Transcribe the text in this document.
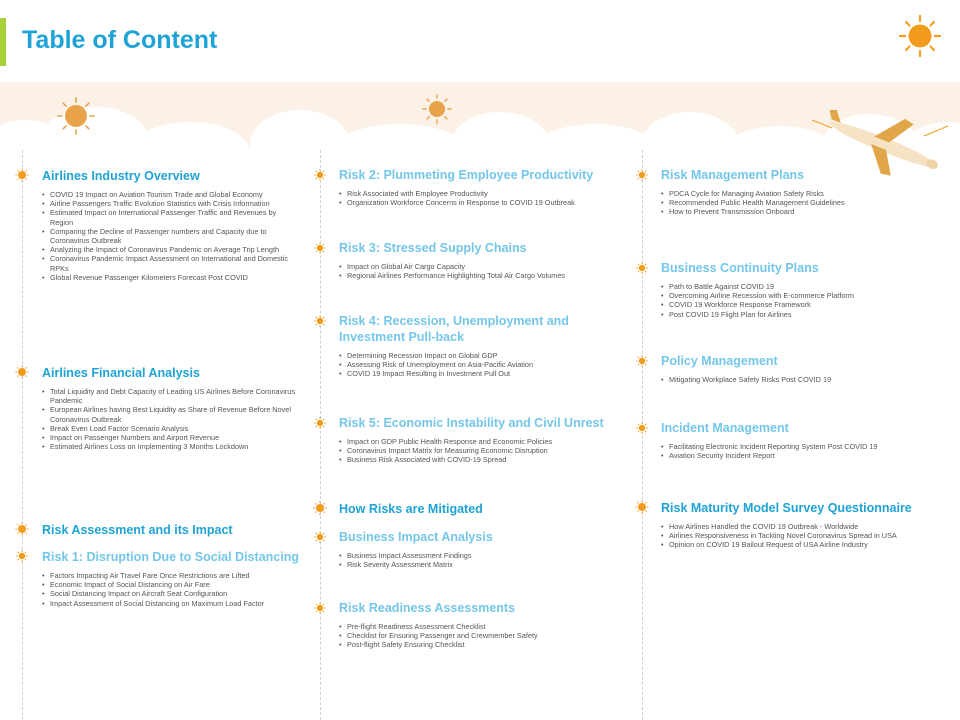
Table of Content
Airlines Industry Overview
• COVID 19 Impact on Aviation Tourism Trade and Global Economy
• Airline Passengers Traffic Evolution Statistics with Crisis Information
• Estimated Impact on International Passenger Traffic and Revenues by Region
• Comparing the Decline of Passenger numbers and Capacity due to Coronavirus Outbreak
• Analyzing the Impact of Coronavirus Pandemic on Average Trip Length
• Coronavirus Pandemic Impact Assessment on International and Domestic RPKs
• Global Revenue Passenger Kilometers Forecast Post COVID
Airlines Financial Analysis
• Total Liquidity and Debt Capacity of Leading US Airlines Before Coronavirus Pandemic
• European Airlines having Best Liquidity as Share of Revenue Before Novel Coronavirus Outbreak
• Break Even Load Factor Scenario Analysis
• Impact on Passenger Numbers and Airport Revenue
• Estimated Airlines Loss on Implementing 3 Months Lockdown
Risk Assessment and its Impact
Risk 1: Disruption Due to Social Distancing
• Factors Impacting Air Travel Fare Once Restrictions are Lifted
• Economic Impact of Social Distancing on Air Fare
• Social Distancing Impact on Aircraft Seat Configuration
• Impact Assessment of Social Distancing on Maximum Load Factor
Risk 2: Plummeting Employee Productivity
• Risk Associated with Employee Productivity
• Organization Workforce Concerns in Response to COVID 19 Outbreak
Risk 3: Stressed Supply Chains
• Impact on Global Air Cargo Capacity
• Regional Airlines Performance Highlighting Total Air Cargo Volumes
Risk 4: Recession, Unemployment and Investment Pull-back
• Determining Recession Impact on Global GDP
• Assessing Risk of Unemployment on Asia-Pacific Aviation
• COVID 19 Impact Resulting in Investment Pull Out
Risk 5: Economic Instability and Civil Unrest
• Impact on GDP Public Health Response and Economic Policies
• Coronavirus Impact Matrix for Measuring Economic Disruption
• Business Risk Associated with COVID-19 Spread
How Risks are Mitigated
Business Impact Analysis
• Business Impact Assessment Findings
• Risk Severity Assessment Matrix
Risk Readiness Assessments
• Pre-flight Readiness Assessment Checklist
• Checklist for Ensuring Passenger and Crewmember Safety
• Post-flight Safety Ensuring Checklist
Risk Management Plans
• PDCA Cycle for Managing Aviation Safety Risks
• Recommended Public Health Management Guidelines
• How to Prevent Transmission Onboard
Business Continuity Plans
• Path to Battle Against COVID 19
• Overcoming Airline Recession with E-commerce Platform
• COVID 19 Workforce Response Framework
• Post COVID 19 Flight Plan for Airlines
Policy Management
• Mitigating Workplace Safety Risks Post COVID 19
Incident Management
• Facilitating Electronic Incident Reporting System Post COVID 19
• Aviation Security Incident Report
Risk Maturity Model Survey Questionnaire
• How Airlines Handled the COVID 19 Outbreak - Worldwide
• Airlines Responsiveness in Tackling Novel Coronavirus Spread in USA
• Opinion on COVID 19 Bailout Request of USA Airline Industry
